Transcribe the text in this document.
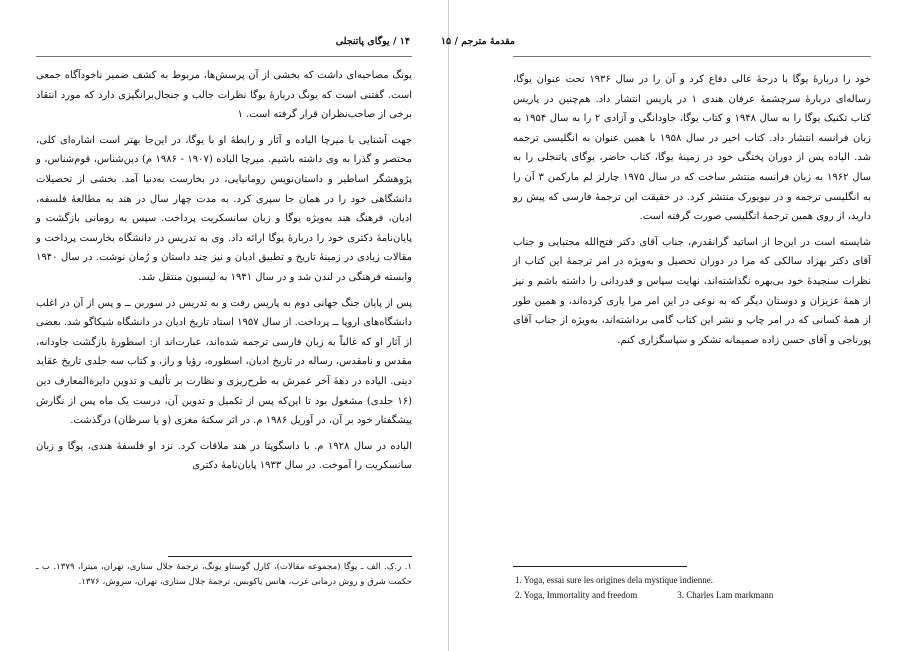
۱۴ / یوگای پاتنجلی

یونگ مصاحبه‌ای داشت که بخشی از آن پرسش‌ها، مربوط به کشف ضمیر ناخودآگاه جمعی است. گفتنی است که یونگ دربارهٔ یوگا نظرات جالب و جنجال‌برانگیزی دارد که مورد انتقاد برخی از صاحب‌نظران قرار گرفته است. ۱

جهت آشنایی با میرچا الیاده و آثار و رابطهٔ او با یوگا، در این‌جا بهتر است اشاره‌ای کلی، مختصر و گذرا به وی داشته باشیم. میرچا الیاده (۱۹۰۷ - ۱۹۸۶ م) دین‌شناس، قوم‌شناس، و پژوهشگر اساطیر و داستان‌نویس رومانیایی، در بخارست به‌دنیا آمد. بخشی از تحصیلات دانشگاهی خود را در همان جا سپری کرد. به مدت چهار سال در هند به مطالعهٔ فلسفه، ادیان، فرهنگ هند به‌ویژه یوگا و زبان سانسکریت پرداخت. سپس به رومانی بازگشت و پایان‌نامهٔ دکتری خود را دربارهٔ یوگا ارائه داد. وی به تدریس در دانشگاه بخارست پرداخت و مقالات زیادی در زمینهٔ تاریخ و تطبیق ادیان و نیز چند داستان و رُمان نوشت. در سال ۱۹۴۰ وابسته فرهنگی در لندن شد و در سال ۱۹۴۱ به لیسبون منتقل شد.

پس از پایان جنگ جهانی دوم به پاریس رفت و به تدریس در سوربن ــ و پس از آن در اغلب دانشگاه‌های اروپا ــ پرداخت. از سال ۱۹۵۷ استاد تاریخ ادیان در دانشگاه شیکاگو شد. بعضی از آثار او که غالباً به زبان فارسی ترجمه شده‌اند، عبارت‌اند از: اسطورهٔ بازگشت جاودانه، مقدس و نامقدس، رساله در تاریخ ادیان، اسطوره، رؤیا و راز، و کتاب سه جلدی تاریخ عقاید دینی. الیاده در دههٔ آخر عمرش به طرح‌ریزی و نظارت بر تألیف و تدوین دایرةالمعارف دین (۱۶ جلدی) مشغول بود تا این‌که پس از تکمیل و تدوین آن، درست یک ماه پس از نگارش پیشگفتار خود بر آن، در آوریل ۱۹۸۶ م. در اثر سکتهٔ مغزی (و یا سرطان) درگذشت.

الیاده در سال ۱۹۲۸ م. با داسگوپتا در هند ملاقات کرد. نزد او فلسفهٔ هندی، یوگا و زبان سانسکریت را آموخت. در سال ۱۹۳۳ پایان‌نامهٔ دکتری

۱. ر.ک. الف ـ یوگا (مجموعه مقالات)، کارل گوستاو یونگ، ترجمهٔ جلال ستاری، تهران، میترا، ۱۳۷۹. ب ـ حکمت شرق و روش درمانی غرب، هانس یاکوبس، ترجمهٔ جلال ستاری، تهران، سروش، ۱۳۷۶.
مقدمهٔ مترجم / ۱۵

خود را دربارهٔ یوگا با درجهٔ عالی دفاع کرد و آن را در سال ۱۹۳۶ تحت عنوان یوگا، رساله‌ای دربارهٔ سرچشمهٔ عرفان هندی ۱ در پاریس انتشار داد. هم‌چنین در پاریس کتاب تکنیک یوگا را به سال ۱۹۴۸ و کتاب یوگا، جاودانگی و آزادی ۲ را به سال ۱۹۵۴ به زبان فرانسه انتشار داد. کتاب اخیر در سال ۱۹۵۸ با همین عنوان به انگلیسی ترجمه شد. الیاده پس از دوران پختگی خود در زمینهٔ یوگا، کتاب حاضر، یوگای پاتنجلی را به سال ۱۹۶۲ به زبان فرانسه منتشر ساخت که در سال ۱۹۷۵ چارلز لم مارکمن ۳ آن را به انگلیسی ترجمه و در نیویورک منتشر کرد. در حقیقت این ترجمهٔ فارسی که پیش رو دارید، از روی همین ترجمهٔ انگلیسی صورت گرفته است.

شایسته است در این‌جا از اساتید گرانقدرم، جناب آقای دکتر فتح‌الله مجتبایی و جناب آقای دکتر بهزاد سالکی که مرا در دوران تحصیل و به‌ویژه در امر ترجمهٔ این کتاب از نظرات سنجیدهٔ خود بی‌بهره نگذاشته‌اند، نهایت سپاس و قدردانی را داشته باشم و نیز از همهٔ عزیزان و دوستان دیگر که به نوعی در این امر مرا یاری کرده‌اند، و همین طور از همهٔ کسانی که در امر چاپ و نشر این کتاب گامی برداشته‌اند، به‌ویژه از جناب آقای پورناجی و آقای حسن زاده صمیمانه تشکر و سپاسگزاری کنم.

1. Yoga, essai sure les origines dela mystique indienne.
2. Yoga, Immortality and freedom	3. Charles Lam markmann
